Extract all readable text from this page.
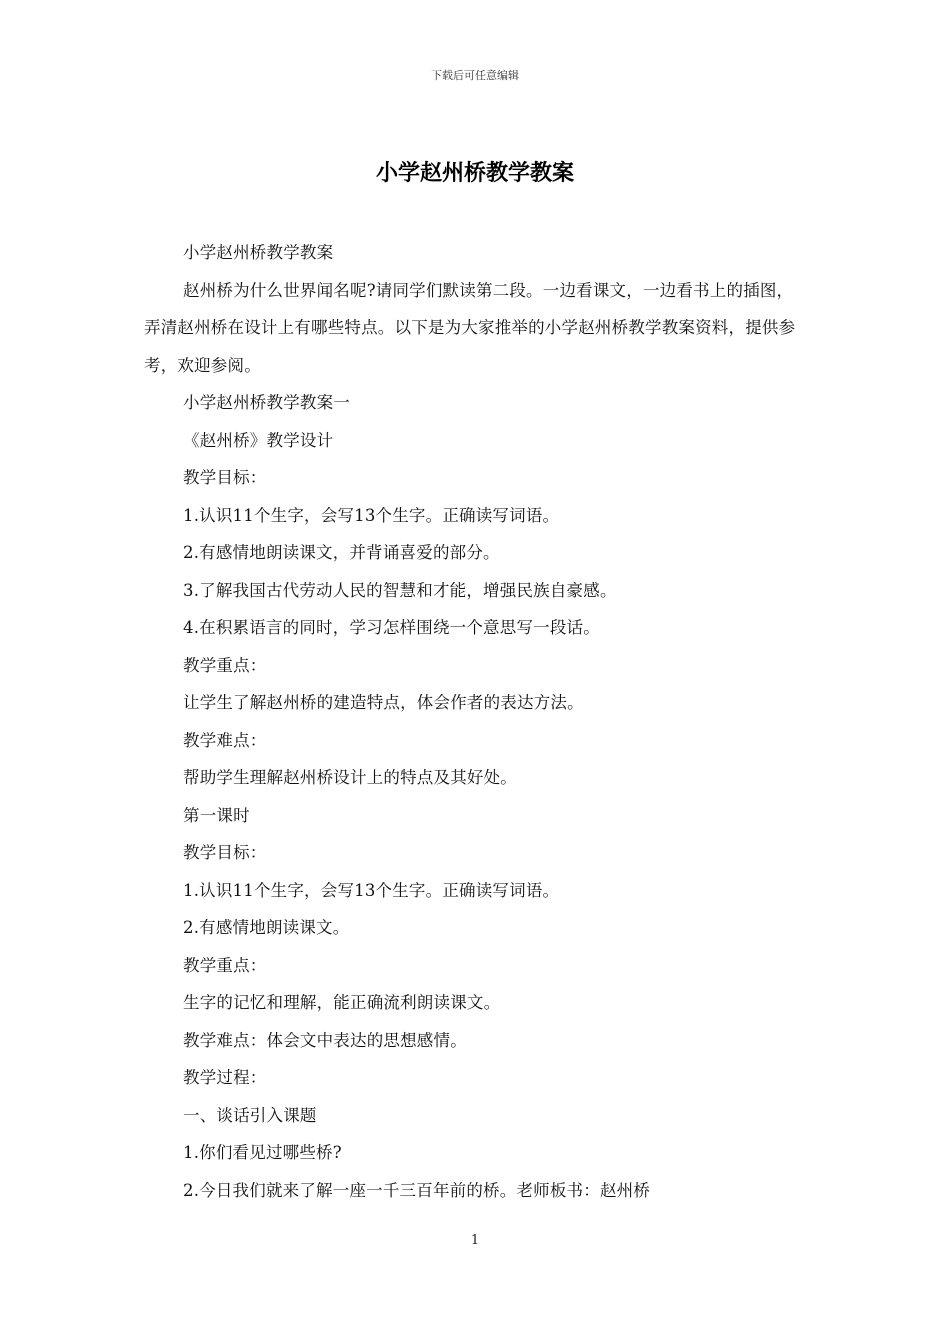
下载后可任意编辑
小学赵州桥教学教案

小学赵州桥教学教案

赵州桥为什么世界闻名呢?请同学们默读第二段。一边看课文，一边看书上的插图，弄清赵州桥在设计上有哪些特点。以下是为大家推举的小学赵州桥教学教案资料，提供参考，欢迎参阅。

小学赵州桥教学教案一

《赵州桥》教学设计

教学目标：

1.认识11个生字，会写13个生字。正确读写词语。

2.有感情地朗读课文，并背诵喜爱的部分。

3.了解我国古代劳动人民的智慧和才能，增强民族自豪感。

4.在积累语言的同时，学习怎样围绕一个意思写一段话。

教学重点：

让学生了解赵州桥的建造特点，体会作者的表达方法。

教学难点：

帮助学生理解赵州桥设计上的特点及其好处。

第一课时

教学目标：

1.认识11个生字，会写13个生字。正确读写词语。

2.有感情地朗读课文。

教学重点：

生字的记忆和理解，能正确流利朗读课文。

教学难点：体会文中表达的思想感情。

教学过程：

一、谈话引入课题

1.你们看见过哪些桥?

2.今日我们就来了解一座一千三百年前的桥。老师板书：赵州桥

1
